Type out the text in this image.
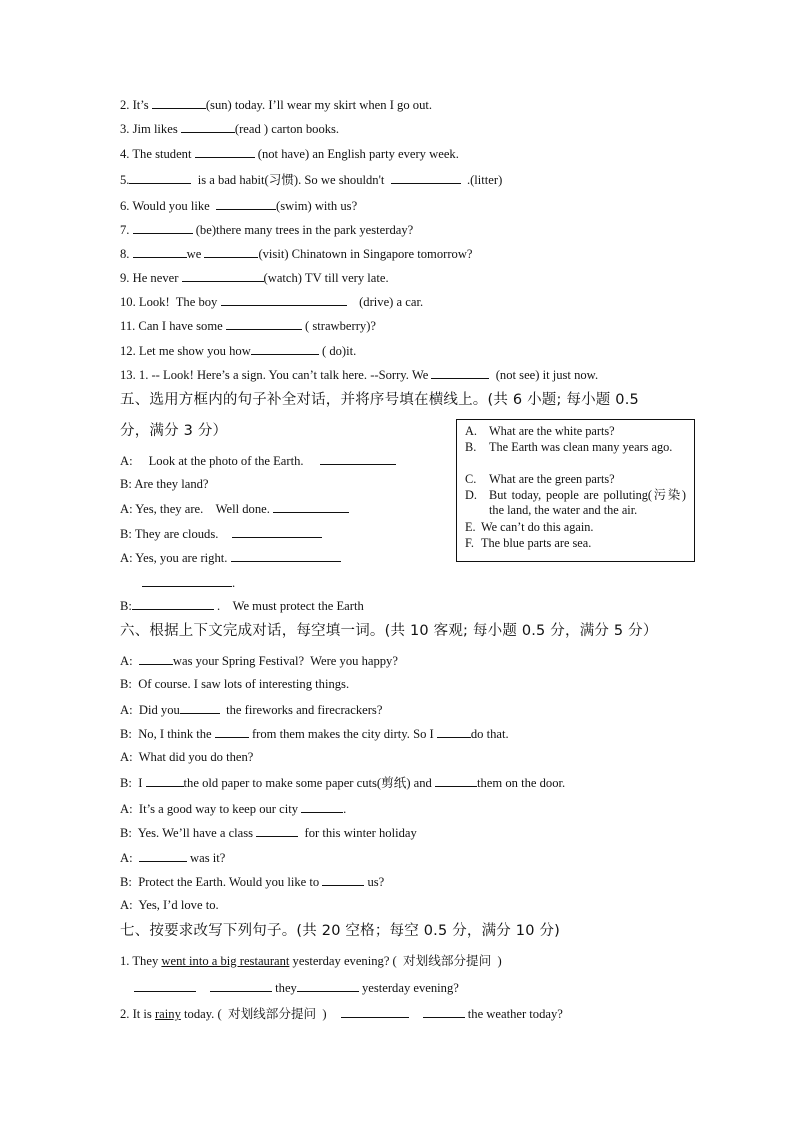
2. It’s	(sun) today. I’ll wear my skirt when I go out.
3. Jim likes	(read ) carton books.
4. The student	(not have) an English party every week.
5.	is a bad habit(习惯). So we shouldn't	.(litter)
6. Would you like	(swim) with us?
7.	(be)there many trees in the park yesterday?
8.	we	(visit) Chinatown in Singapore tomorrow?
9. He never	(watch) TV till very late.
10. Look!  The boy	(drive) a car.
11. Can I have some	( strawberry)?
12. Let me show you how	( do)it.
13. 1. -- Look! Here’s a sign. You can’t talk here. --Sorry. We	(not see) it just now.
五、选用方框内的句子补全对话，并将序号填在横线上。(共 6 小题; 每小题 0.5
分，满分 3 分）
A: Look at the photo of the Earth.
B: Are they land?
A: Yes, they are.    Well done.
B: They are clouds.
A: Yes, you are right.
.
B:	.    We must protect the Earth
A. What are the white parts?
B. The Earth was clean many years ago.
C. What are the green parts?
D. But today, people are polluting(污染) the land, the water and the air.
E. We can’t do this again.
F. The blue parts are sea.
六、根据上下文完成对话，每空填一词。(共 10 客观; 每小题 0.5 分，满分 5 分）
A:	was your Spring Festival?  Were you happy?
B:  Of course. I saw lots of interesting things.
A:  Did you	the fireworks and firecrackers?
B:  No, I think the	from them makes the city dirty. So I	do that.
A:  What did you do then?
B:  I	the old paper to make some paper cuts(剪纸) and	them on the door.
A:  It’s a good way to keep our city	.
B:  Yes. We’ll have a class	for this winter holiday
A:	was it?
B:  Protect the Earth. Would you like to	us?
A:  Yes, I’d love to.
七、按要求改写下列句子。(共 20 空格；每空 0.5 分，满分 10 分)
1. They went into a big restaurant yesterday evening? (  对划线部分提问  )
they	yesterday evening?
2. It is rainy today. (  对划线部分提问  )	the weather today?
